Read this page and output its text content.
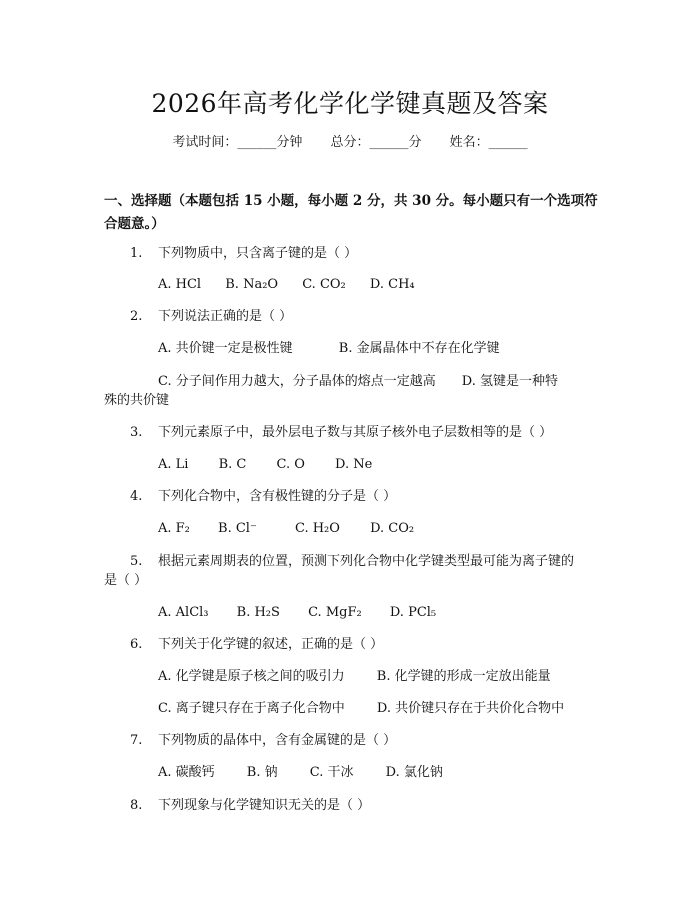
2026年高考化学化学键真题及答案
考试时间：______分钟 总分：______分 姓名：______
一、选择题（本题包括 15 小题，每小题 2 分，共 30 分。每小题只有一个选项符
合题意。）
1. 下列物质中，只含离子键的是（ ）
A. HCl B. Na₂O C. CO₂ D. CH₄
2. 下列说法正确的是（ ）
A. 共价键一定是极性键	B. 金属晶体中不存在化学键
C. 分子间作用力越大，分子晶体的熔点一定越高　　D. 氢键是一种特
殊的共价键
3. 下列元素原子中，最外层电子数与其原子核外电子层数相等的是（ ）
A. Li B. C C. O D. Ne
4. 下列化合物中，含有极性键的分子是（ ）
A. F₂ B. Cl⁻	C. H₂O D. CO₂
5. 根据元素周期表的位置，预测下列化合物中化学键类型最可能为离子键的
是（ ）
A. AlCl₃ B. H₂S C. MgF₂ D. PCl₅
6. 下列关于化学键的叙述，正确的是（ ）
A. 化学键是原子核之间的吸引力 B. 化学键的形成一定放出能量
C. 离子键只存在于离子化合物中 D. 共价键只存在于共价化合物中
7. 下列物质的晶体中，含有金属键的是（ ）
A. 碳酸钙 B. 钠 C. 干冰 D. 氯化钠
8. 下列现象与化学键知识无关的是（ ）
